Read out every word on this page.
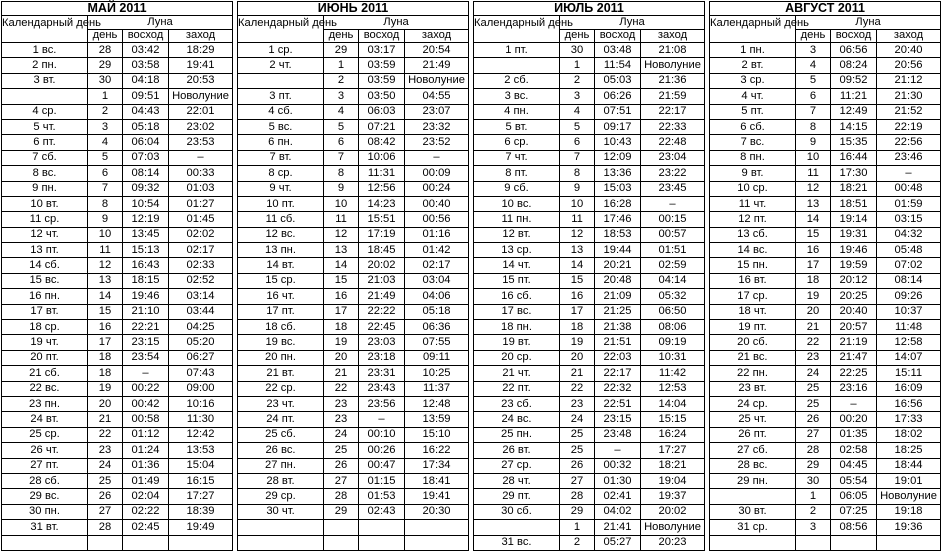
МАЙ 2011			
Календарный день	Луна		
	день	восход	заход
1 вс.	28	03:42	18:29
2 пн.	29	03:58	19:41
3 вт.	30	04:18	20:53
	1	09:51	Новолуние
4 ср.	2	04:43	22:01
5 чт.	3	05:18	23:02
6 пт.	4	06:04	23:53
7 сб.	5	07:03	–
8 вс.	6	08:14	00:33
9 пн.	7	09:32	01:03
10 вт.	8	10:54	01:27
11 ср.	9	12:19	01:45
12 чт.	10	13:45	02:02
13 пт.	11	15:13	02:17
14 сб.	12	16:43	02:33
15 вс.	13	18:15	02:52
16 пн.	14	19:46	03:14
17 вт.	15	21:10	03:44
18 ср.	16	22:21	04:25
19 чт.	17	23:15	05:20
20 пт.	18	23:54	06:27
21 сб.	18	–	07:43
22 вс.	19	00:22	09:00
23 пн.	20	00:42	10:16
24 вт.	21	00:58	11:30
25 ср.	22	01:12	12:42
26 чт.	23	01:24	13:53
27 пт.	24	01:36	15:04
28 сб.	25	01:49	16:15
29 вс.	26	02:04	17:27
30 пн.	27	02:22	18:39
31 вт.	28	02:45	19:49

ИЮНЬ 2011			
Календарный день	Луна		
	день	восход	заход
1 ср.	29	03:17	20:54
2 чт.	1	03:59	21:49
	2	03:59	Новолуние
3 пт.	3	03:50	04:55
4 сб.	4	06:03	23:07
5 вс.	5	07:21	23:32
6 пн.	6	08:42	23:52
7 вт.	7	10:06	–
8 ср.	8	11:31	00:09
9 чт.	9	12:56	00:24
10 пт.	10	14:23	00:40
11 сб.	11	15:51	00:56
12 вс.	12	17:19	01:16
13 пн.	13	18:45	01:42
14 вт.	14	20:02	02:17
15 ср.	15	21:03	03:04
16 чт.	16	21:49	04:06
17 пт.	17	22:22	05:18
18 сб.	18	22:45	06:36
19 вс.	19	23:03	07:55
20 пн.	20	23:18	09:11
21 вт.	21	23:31	10:25
22 ср.	22	23:43	11:37
23 чт.	23	23:56	12:48
24 пт.	23	–	13:59
25 сб.	24	00:10	15:10
26 вс.	25	00:26	16:22
27 пн.	26	00:47	17:34
28 вт.	27	01:15	18:41
29 ср.	28	01:53	19:41
30 чт.	29	02:43	20:30

ИЮЛЬ 2011			
Календарный день	Луна		
	день	восход	заход
1 пт.	30	03:48	21:08
	1	11:54	Новолуние
2 сб.	2	05:03	21:36
3 вс.	3	06:26	21:59
4 пн.	4	07:51	22:17
5 вт.	5	09:17	22:33
6 ср.	6	10:43	22:48
7 чт.	7	12:09	23:04
8 пт.	8	13:36	23:22
9 сб.	9	15:03	23:45
10 вс.	10	16:28	–
11 пн.	11	17:46	00:15
12 вт.	12	18:53	00:57
13 ср.	13	19:44	01:51
14 чт.	14	20:21	02:59
15 пт.	15	20:48	04:14
16 сб.	16	21:09	05:32
17 вс.	17	21:25	06:50
18 пн.	18	21:38	08:06
19 вт.	19	21:51	09:19
20 ср.	20	22:03	10:31
21 чт.	21	22:17	11:42
22 пт.	22	22:32	12:53
23 сб.	23	22:51	14:04
24 вс.	24	23:15	15:15
25 пн.	25	23:48	16:24
26 вт.	25	–	17:27
27 ср.	26	00:32	18:21
28 чт.	27	01:30	19:04
29 пт.	28	02:41	19:37
30 сб.	29	04:02	20:02
	1	21:41	Новолуние
31 вс.	2	05:27	20:23
АВГУСТ 2011			
Календарный день	Луна		
	день	восход	заход
1 пн.	3	06:56	20:40
2 вт.	4	08:24	20:56
3 ср.	5	09:52	21:12
4 чт.	6	11:21	21:30
5 пт.	7	12:49	21:52
6 сб.	8	14:15	22:19
7 вс.	9	15:35	22:56
8 пн.	10	16:44	23:46
9 вт.	11	17:30	–
10 ср.	12	18:21	00:48
11 чт.	13	18:51	01:59
12 пт.	14	19:14	03:15
13 сб.	15	19:31	04:32
14 вс.	16	19:46	05:48
15 пн.	17	19:59	07:02
16 вт.	18	20:12	08:14
17 ср.	19	20:25	09:26
18 чт.	20	20:40	10:37
19 пт.	21	20:57	11:48
20 сб.	22	21:19	12:58
21 вс.	23	21:47	14:07
22 пн.	24	22:25	15:11
23 вт.	25	23:16	16:09
24 ср.	25	–	16:56
25 чт.	26	00:20	17:33
26 пт.	27	01:35	18:02
27 сб.	28	02:58	18:25
28 вс.	29	04:45	18:44
29 пн.	30	05:54	19:01
	1	06:05	Новолуние
30 вт.	2	07:25	19:18
31 ср.	3	08:56	19:36
